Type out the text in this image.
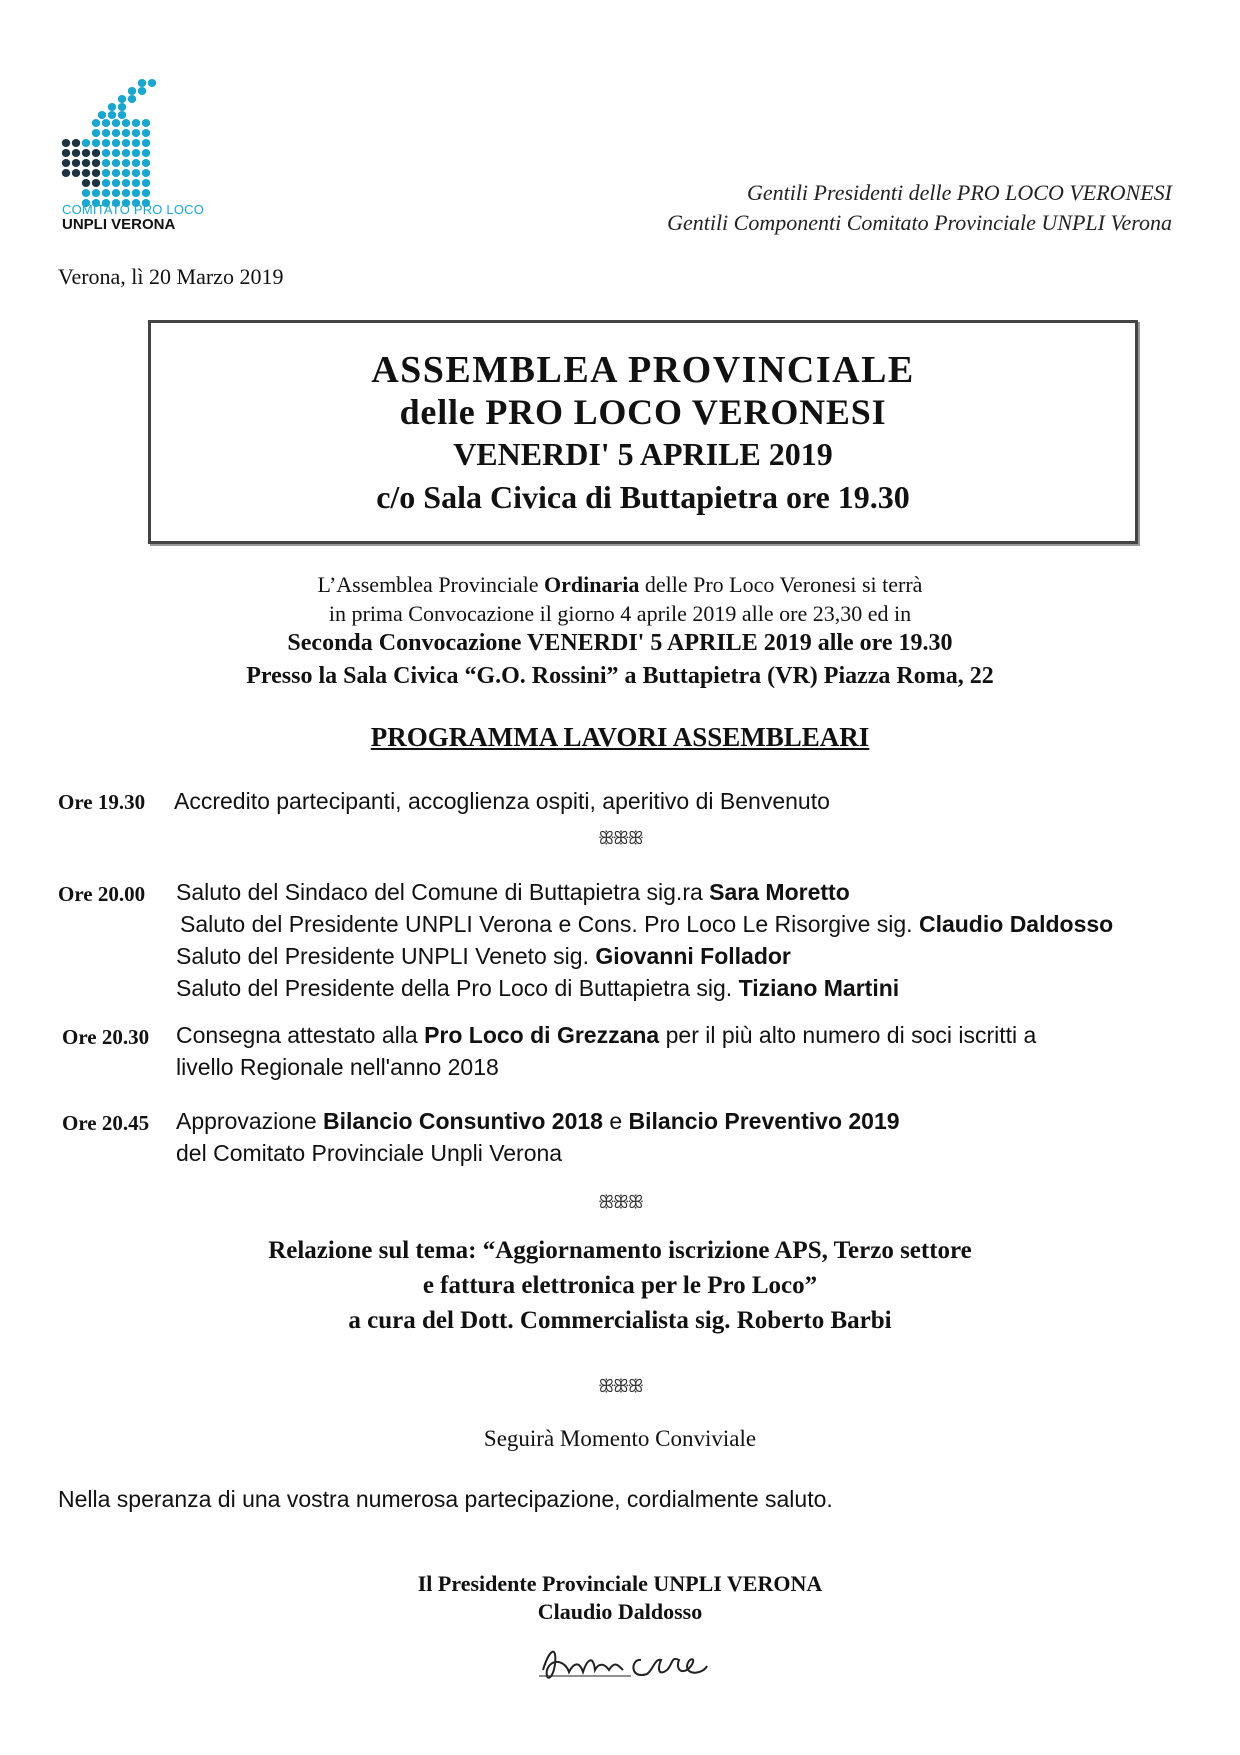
COMITATO PRO LOCO
UNPLI VERONA
Gentili Presidenti delle PRO LOCO VERONESI
Gentili Componenti Comitato Provinciale UNPLI Verona
Verona, lì 20 Marzo 2019
ASSEMBLEA PROVINCIALE
delle PRO LOCO VERONESI
VENERDI' 5 APRILE 2019
c/o Sala Civica di Buttapietra ore 19.30
L’Assemblea Provinciale Ordinaria delle Pro Loco Veronesi si terrà
in prima Convocazione il giorno 4 aprile 2019 alle ore 23,30 ed in
Seconda Convocazione VENERDI' 5 APRILE 2019 alle ore 19.30
Presso la Sala Civica “G.O. Rossini” a Buttapietra (VR) Piazza Roma, 22
PROGRAMMA LAVORI ASSEMBLEARI
Ore 19.30 Accredito partecipanti, accoglienza ospiti, aperitivo di Benvenuto
ꕥꕥꕥ
Ore 20.00 Saluto del Sindaco del Comune di Buttapietra sig.ra Sara Moretto
Saluto del Presidente UNPLI Verona e Cons. Pro Loco Le Risorgive sig. Claudio Daldosso
Saluto del Presidente UNPLI Veneto sig. Giovanni Follador
Saluto del Presidente della Pro Loco di Buttapietra sig. Tiziano Martini
Ore 20.30 Consegna attestato alla Pro Loco di Grezzana per il più alto numero di soci iscritti a
livello Regionale nell'anno 2018
Ore 20.45 Approvazione Bilancio Consuntivo 2018 e Bilancio Preventivo 2019
del Comitato Provinciale Unpli Verona
ꕥꕥꕥ
Relazione sul tema: “Aggiornamento iscrizione APS, Terzo settore
e fattura elettronica per le Pro Loco”
a cura del Dott. Commercialista sig. Roberto Barbi
ꕥꕥꕥ
Seguirà Momento Conviviale
Nella speranza di una vostra numerosa partecipazione, cordialmente saluto.
Il Presidente Provinciale UNPLI VERONA
Claudio Daldosso
